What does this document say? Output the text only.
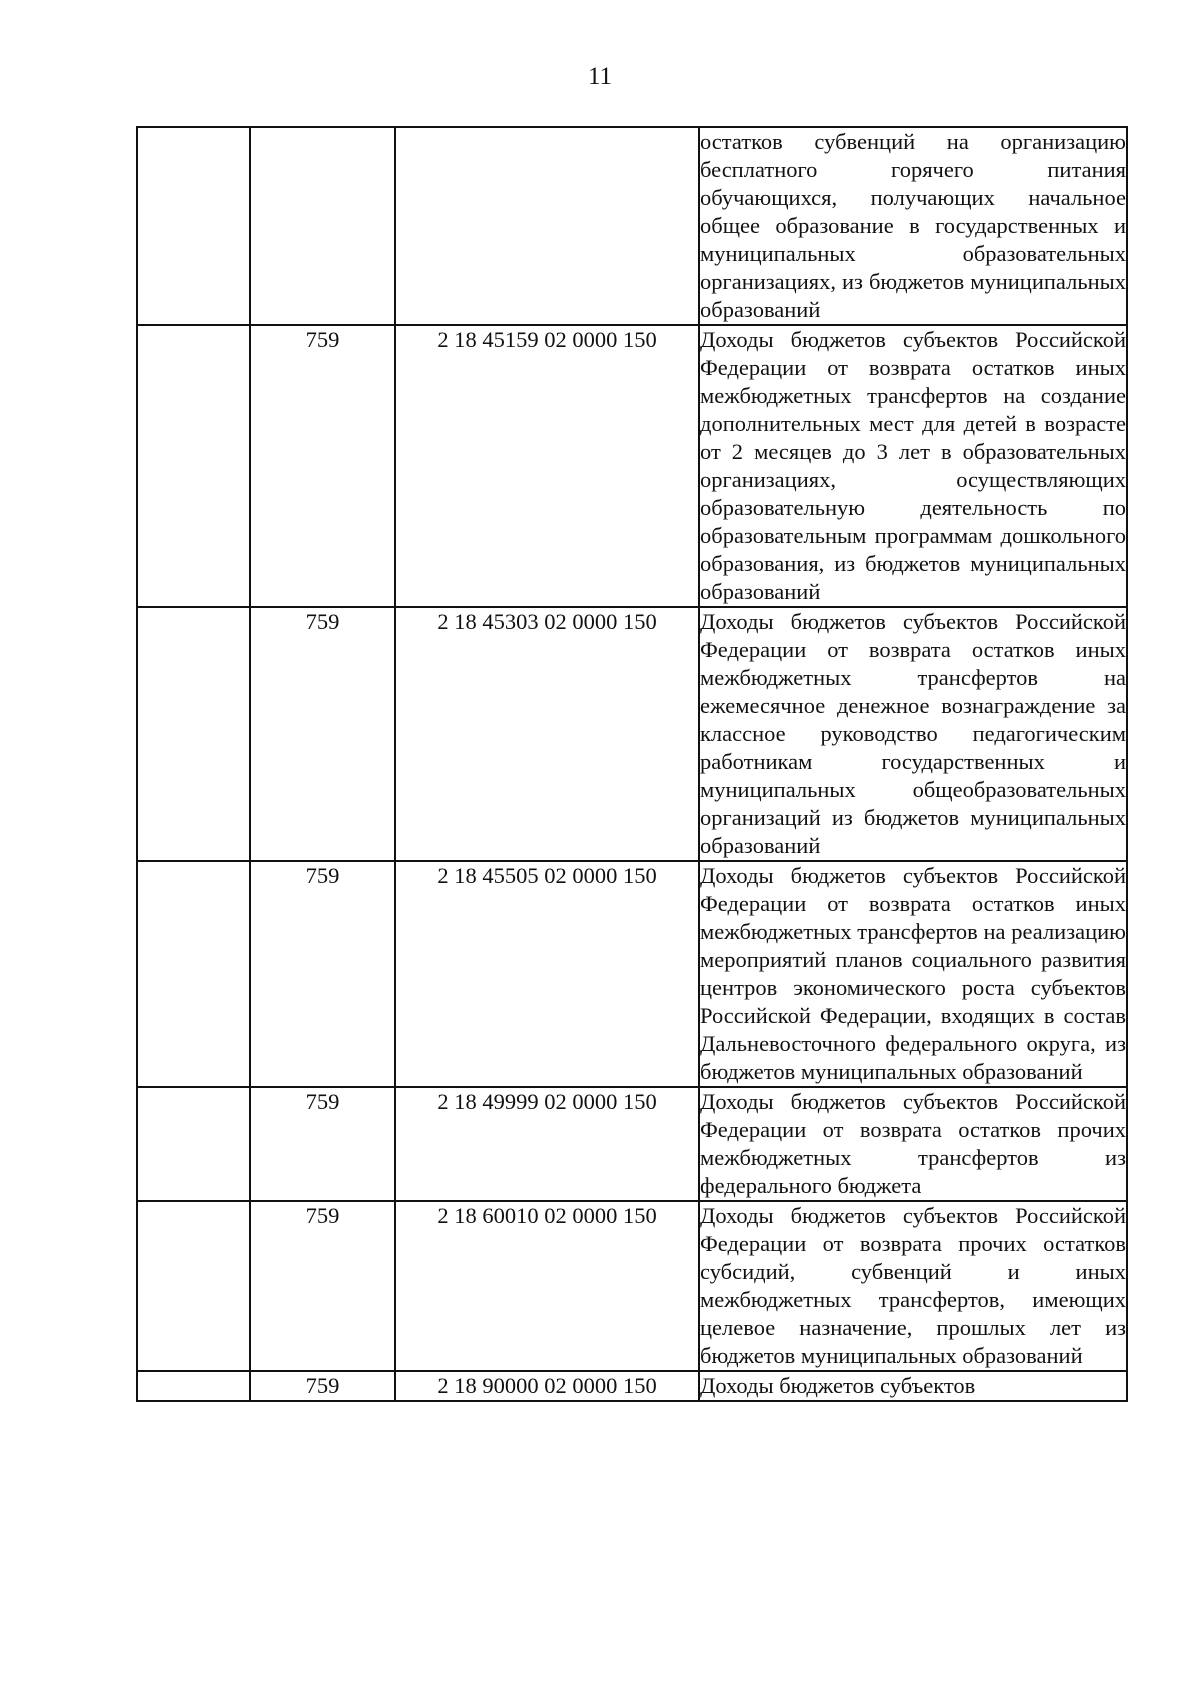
11
			остатков субвенций на организацию бесплатного горячего питания обучающихся, получающих начальное общее образование в государственных и муниципальных образовательных организациях, из бюджетов муниципальных образований
	759	2 18 45159 02 0000 150	Доходы бюджетов субъектов Российской Федерации от возврата остатков иных межбюджетных трансфертов на создание дополнительных мест для детей в возрасте от 2 месяцев до 3 лет в образовательных организациях, осуществляющих образовательную деятельность по образовательным программам дошкольного образования, из бюджетов муниципальных образований
	759	2 18 45303 02 0000 150	Доходы бюджетов субъектов Российской Федерации от возврата остатков иных межбюджетных трансфертов на ежемесячное денежное вознаграждение за классное руководство педагогическим работникам государственных и муниципальных общеобразовательных организаций из бюджетов муниципальных образований
	759	2 18 45505 02 0000 150	Доходы бюджетов субъектов Российской Федерации от возврата остатков иных межбюджетных трансфертов на реализацию мероприятий планов социального развития центров экономического роста субъектов Российской Федерации, входящих в состав Дальневосточного федерального округа, из бюджетов муниципальных образований
	759	2 18 49999 02 0000 150	Доходы бюджетов субъектов Российской Федерации от возврата остатков прочих межбюджетных трансфертов из федерального бюджета
	759	2 18 60010 02 0000 150	Доходы бюджетов субъектов Российской Федерации от возврата прочих остатков субсидий, субвенций и иных межбюджетных трансфертов, имеющих целевое назначение, прошлых лет из бюджетов муниципальных образований
	759	2 18 90000 02 0000 150	Доходы бюджетов субъектов
